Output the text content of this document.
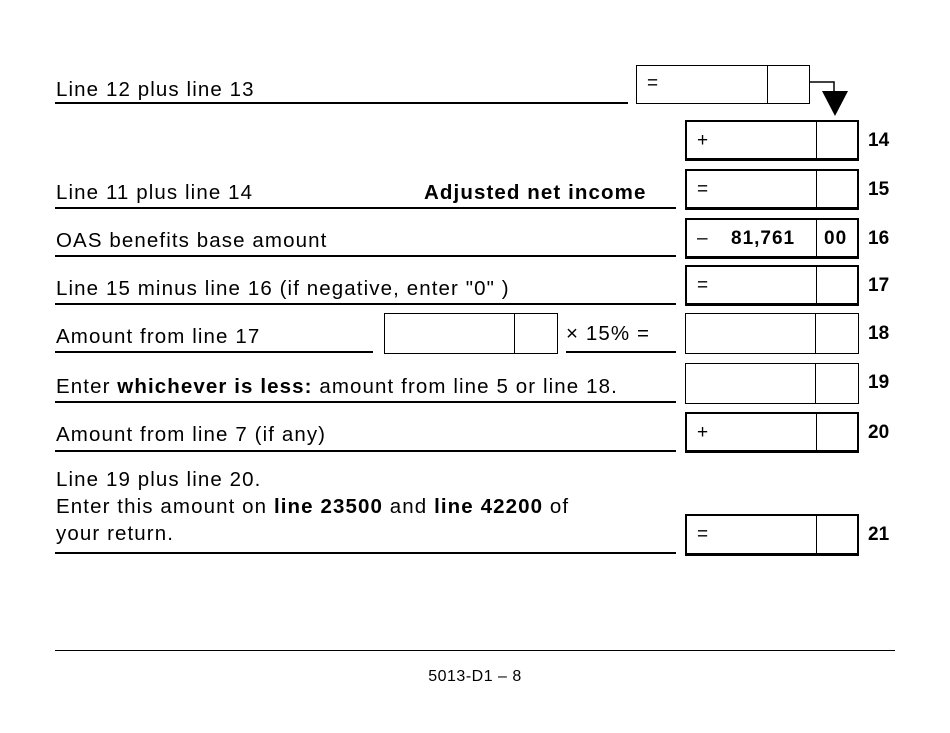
Line 12 plus line 13	=
+	14
Line 11 plus line 14	Adjusted net income	=	15
OAS benefits base amount	– 81,761 00 16
Line 15 minus line 16 (if negative, enter "0" )	=	17
Amount from line 17	× 15% =	18
Enter whichever is less: amount from line 5 or line 18.	19
Amount from line 7 (if any)	+	20
Line 19 plus line 20.
Enter this amount on line 23500 and line 42200 of
your return.	=	21
5013-D1 – 8
